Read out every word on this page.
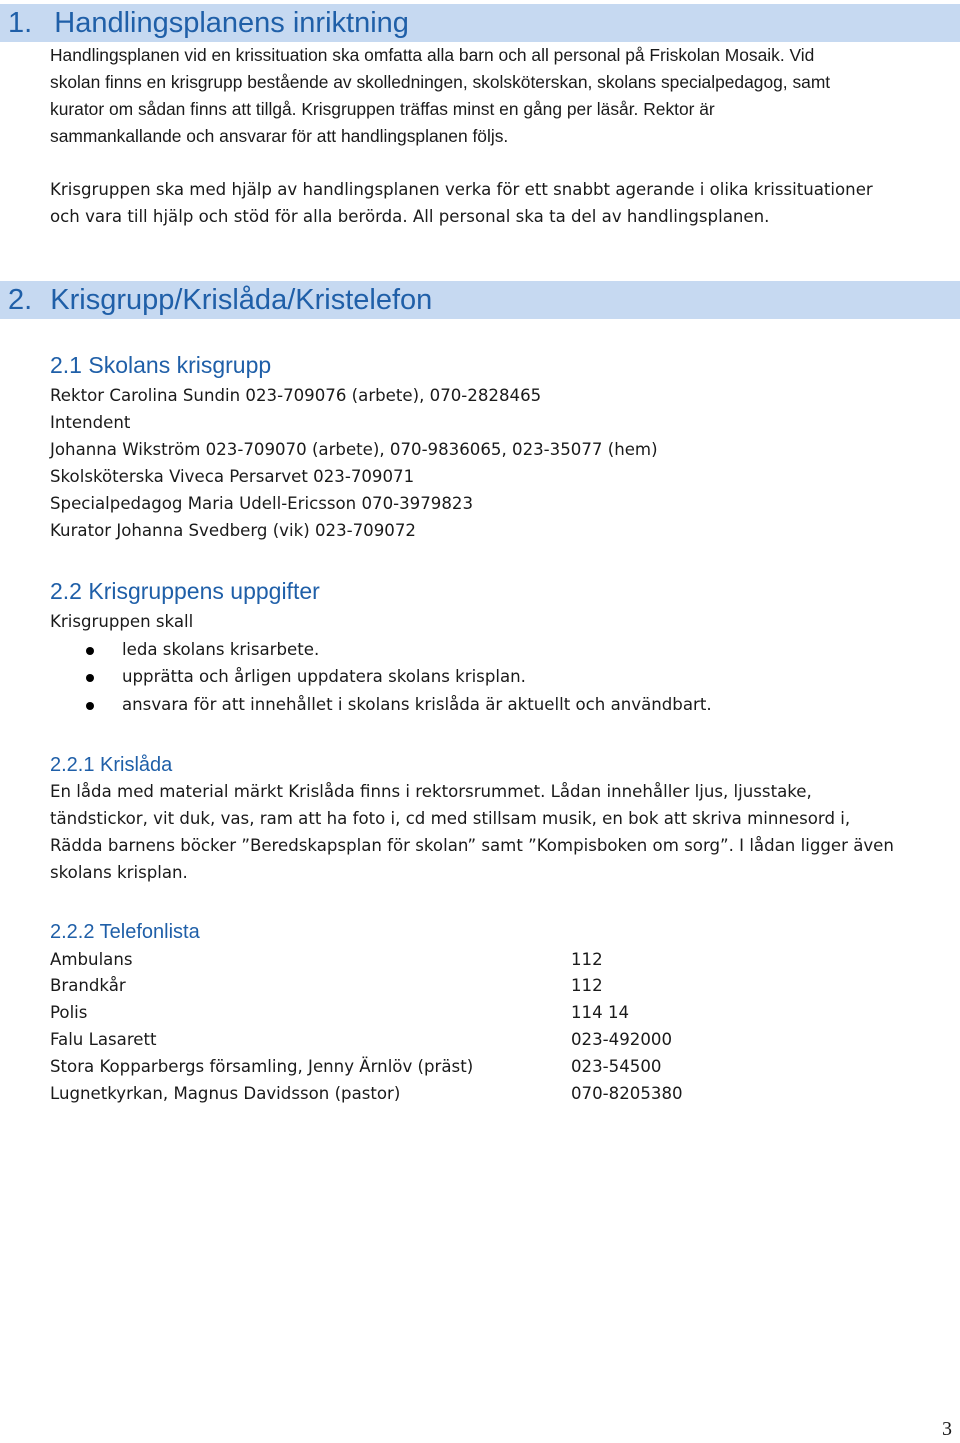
1. Handlingsplanens inriktning
Handlingsplanen vid en krissituation ska omfatta alla barn och all personal på Friskolan Mosaik. Vid
skolan finns en krisgrupp bestående av skolledningen, skolsköterskan, skolans specialpedagog, samt
kurator om sådan finns att tillgå. Krisgruppen träffas minst en gång per läsår. Rektor är
sammankallande och ansvarar för att handlingsplanen följs.
Krisgruppen ska med hjälp av handlingsplanen verka för ett snabbt agerande i olika krissituationer
och vara till hjälp och stöd för alla berörda. All personal ska ta del av handlingsplanen.
2. Krisgrupp/Krislåda/Kristelefon
2.1 Skolans krisgrupp
Rektor Carolina Sundin 023-709076 (arbete), 070-2828465
Intendent
Johanna Wikström 023-709070 (arbete), 070-9836065, 023-35077 (hem)
Skolsköterska Viveca Persarvet 023-709071
Specialpedagog Maria Udell-Ericsson 070-3979823
Kurator Johanna Svedberg (vik) 023-709072
2.2 Krisgruppens uppgifter
Krisgruppen skall
leda skolans krisarbete.
upprätta och årligen uppdatera skolans krisplan.
ansvara för att innehållet i skolans krislåda är aktuellt och användbart.
2.2.1 Krislåda
En låda med material märkt Krislåda finns i rektorsrummet. Lådan innehåller ljus, ljusstake,
tändstickor, vit duk, vas, ram att ha foto i, cd med stillsam musik, en bok att skriva minnesord i,
Rädda barnens böcker ”Beredskapsplan för skolan” samt ”Kompisboken om sorg”. I lådan ligger även
skolans krisplan.
2.2.2 Telefonlista
Ambulans	112
Brandkår	112
Polis	114 14
Falu Lasarett	023-492000
Stora Kopparbergs församling, Jenny Ärnlöv (präst)	023-54500
Lugnetkyrkan, Magnus Davidsson (pastor)	070-8205380
3
